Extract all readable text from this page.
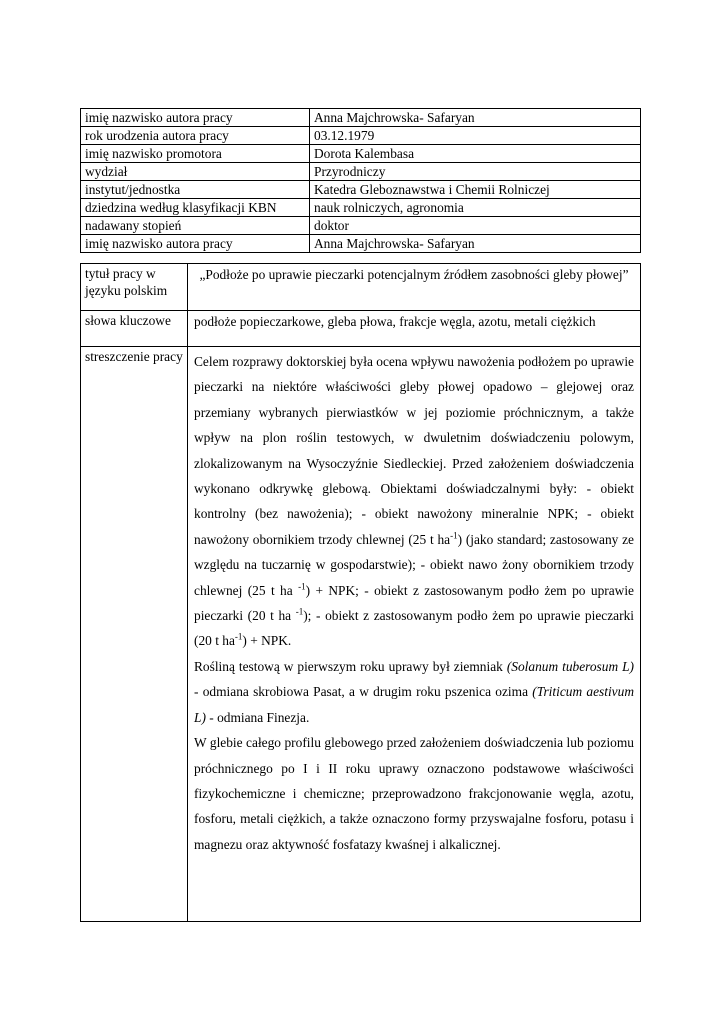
imię nazwisko autora pracy	Anna Majchrowska- Safaryan
rok urodzenia autora pracy	03.12.1979
imię nazwisko promotora	Dorota Kalembasa
wydział	Przyrodniczy
instytut/jednostka	Katedra Gleboznawstwa i Chemii Rolniczej
dziedzina według klasyfikacji KBN	nauk rolniczych, agronomia
nadawany stopień	doktor
imię nazwisko autora pracy	Anna Majchrowska- Safaryan
tytuł pracy w języku polskim	„Podłoże po uprawie pieczarki potencjalnym źródłem zasobności gleby płowej”

słowa kluczowe	podłoże popieczarkowe, gleba płowa, frakcje węgla, azotu, metali ciężkich

streszczenie pracy	Celem rozprawy doktorskiej była ocena wpływu nawożenia podłożem po uprawie pieczarki na niektóre właściwości gleby płowej opadowo – glejowej oraz przemiany wybranych pierwiastków w jej poziomie próchnicznym, a także wpływ na plon roślin testowych, w dwuletnim doświadczeniu polowym, zlokalizowanym na Wysoczyźnie Siedleckiej. Przed założeniem doświadczenia wykonano odkrywkę glebową. Obiektami doświadczalnymi były: - obiekt kontrolny (bez nawożenia); - obiekt nawożony mineralnie NPK; - obiekt nawożony obornikiem trzody chlewnej (25 t $ha^{-1}$) (jako standard; zastosowany ze względu na tuczarnię w gospodarstwie); - obiekt nawo żony obornikiem trzody chlewnej (25 t ha $^{-1}$) + NPK; - obiekt z zastosowanym podło żem po uprawie pieczarki (20 t ha $^{-1}$); - obiekt z zastosowanym podło żem po uprawie pieczarki (20 t $ha^{-1}$) + NPK.

Rośliną testową w pierwszym roku uprawy był ziemniak (Solanum tuberosum L) - odmiana skrobiowa Pasat, a w drugim roku pszenica ozima (Triticum aestivum L) - odmiana Finezja.

W glebie całego profilu glebowego przed założeniem doświadczenia lub poziomu próchnicznego po I i II roku uprawy oznaczono podstawowe właściwości fizykochemiczne i chemiczne; przeprowadzono frakcjonowanie węgla, azotu, fosforu, metali ciężkich, a także oznaczono formy przyswajalne fosforu, potasu i magnezu oraz aktywność fosfatazy kwaśnej i alkalicznej.
